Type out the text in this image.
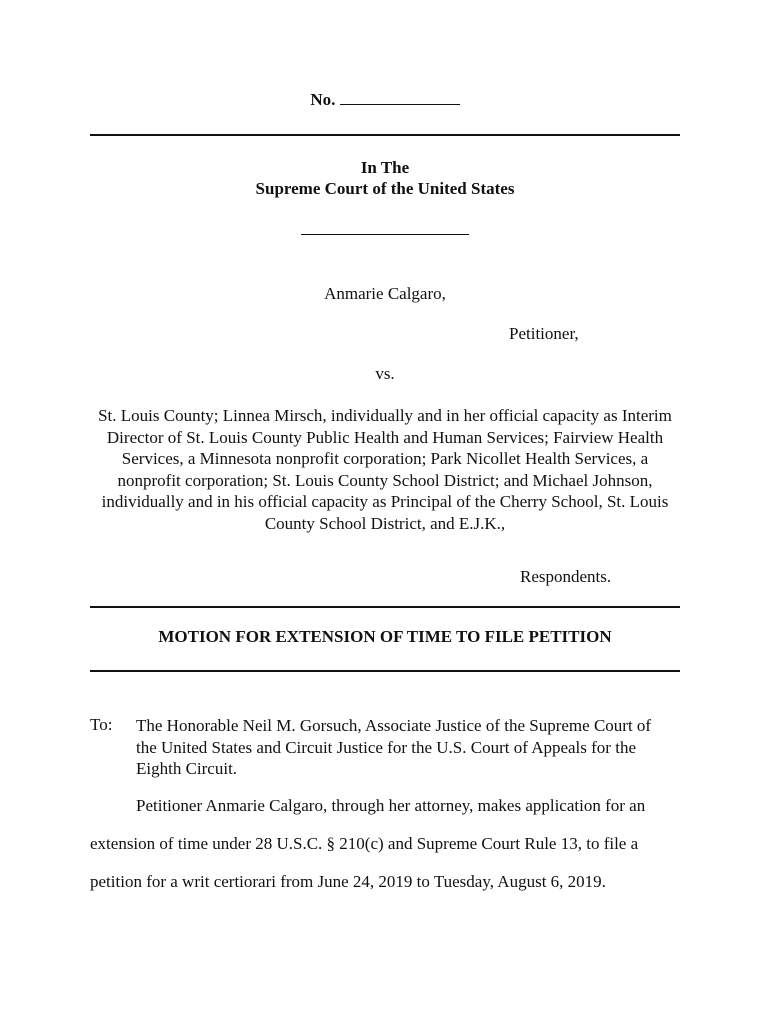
No.
In The
Supreme Court of the United States
Anmarie Calgaro,
Petitioner,
vs.
St. Louis County; Linnea Mirsch, individually and in her official capacity as Interim
Director of St. Louis County Public Health and Human Services; Fairview Health
Services, a Minnesota nonprofit corporation; Park Nicollet Health Services, a
nonprofit corporation; St. Louis County School District; and Michael Johnson,
individually and in his official capacity as Principal of the Cherry School, St. Louis
County School District, and E.J.K.,
Respondents.
MOTION FOR EXTENSION OF TIME TO FILE PETITION
To: The Honorable Neil M. Gorsuch, Associate Justice of the Supreme Court of
the United States and Circuit Justice for the U.S. Court of Appeals for the
Eighth Circuit.
Petitioner Anmarie Calgaro, through her attorney, makes application for an extension of time under 28 U.S.C. § 210(c) and Supreme Court Rule 13, to file a petition for a writ certiorari from June 24, 2019 to Tuesday, August 6, 2019.
